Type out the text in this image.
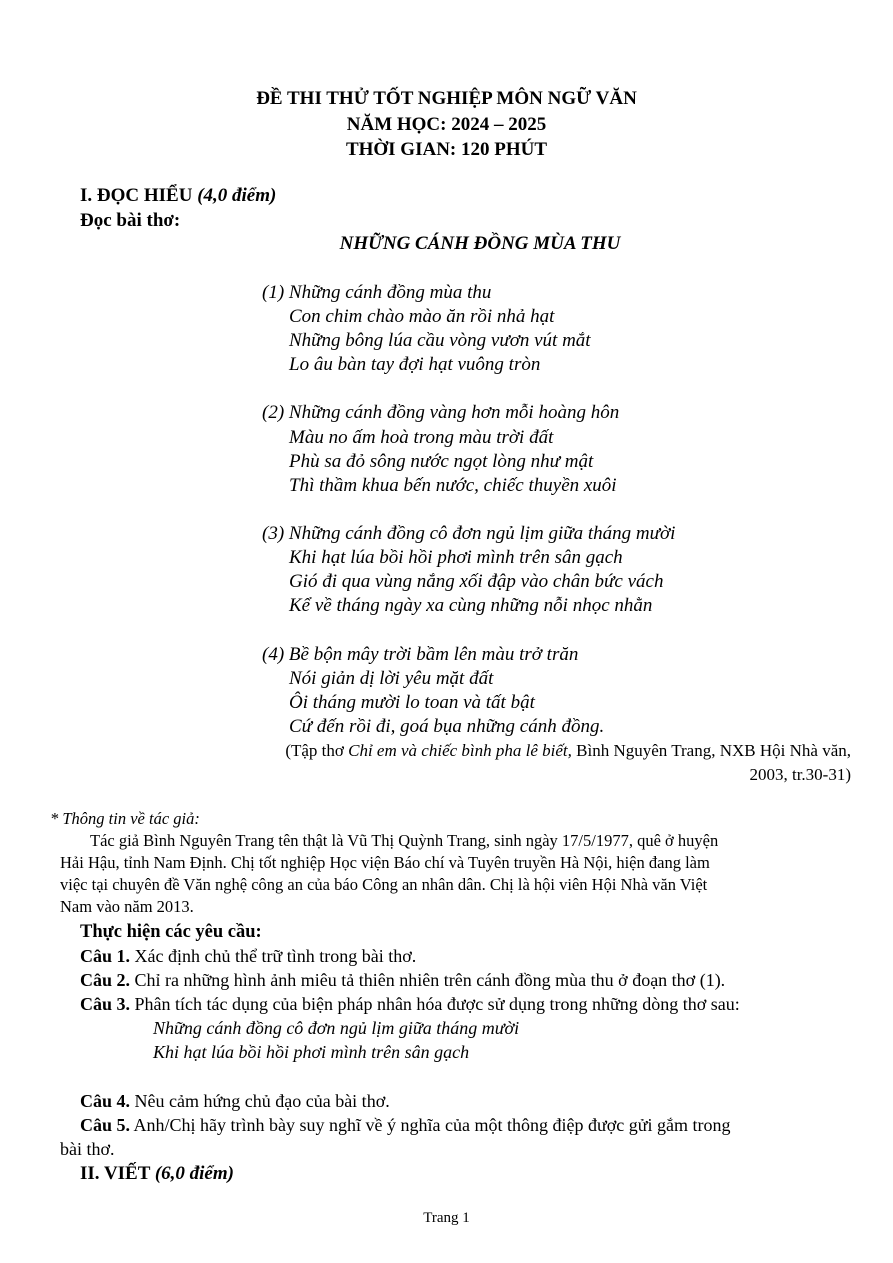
ĐỀ THI THỬ TỐT NGHIỆP MÔN NGỮ VĂN
NĂM HỌC: 2024 – 2025
THỜI GIAN: 120 PHÚT
I. ĐỌC HIỂU (4,0 điểm)
Đọc bài thơ:
NHỮNG CÁNH ĐỒNG MÙA THU
(1) Những cánh đồng mùa thu
Con chim chào mào ăn rồi nhả hạt
Những bông lúa cầu vòng vươn vút mắt
Lo âu bàn tay đợi hạt vuông tròn
(2) Những cánh đồng vàng hơn mỗi hoàng hôn
Màu no ấm hoà trong màu trời đất
Phù sa đỏ sông nước ngọt lòng như mật
Thì thầm khua bến nước, chiếc thuyền xuôi
(3) Những cánh đồng cô đơn ngủ lịm giữa tháng mười
Khi hạt lúa bồi hồi phơi mình trên sân gạch
Gió đi qua vùng nắng xối đập vào chân bức vách
Kể về tháng ngày xa cùng những nỗi nhọc nhằn
(4) Bề bộn mây trời bầm lên màu trở trăn
Nói giản dị lời yêu mặt đất
Ôi tháng mười lo toan và tất bật
Cứ đến rồi đi, goá bụa những cánh đồng.
(Tập thơ Chỉ em và chiếc bình pha lê biết, Bình Nguyên Trang, NXB Hội Nhà văn,
2003, tr.30-31)
* Thông tin về tác giả:
Tác giả Bình Nguyên Trang tên thật là Vũ Thị Quỳnh Trang, sinh ngày 17/5/1977, quê ở huyện
Hải Hậu, tỉnh Nam Định. Chị tốt nghiệp Học viện Báo chí và Tuyên truyền Hà Nội, hiện đang làm
việc tại chuyên đề Văn nghệ công an của báo Công an nhân dân. Chị là hội viên Hội Nhà văn Việt
Nam vào năm 2013.
Thực hiện các yêu cầu:
Câu 1. Xác định chủ thể trữ tình trong bài thơ.
Câu 2. Chỉ ra những hình ảnh miêu tả thiên nhiên trên cánh đồng mùa thu ở đoạn thơ (1).
Câu 3. Phân tích tác dụng của biện pháp nhân hóa được sử dụng trong những dòng thơ sau:
Những cánh đồng cô đơn ngủ lịm giữa tháng mười
Khi hạt lúa bồi hồi phơi mình trên sân gạch
Câu 4. Nêu cảm hứng chủ đạo của bài thơ.
Câu 5. Anh/Chị hãy trình bày suy nghĩ về ý nghĩa của một thông điệp được gửi gắm trong
bài thơ.
II. VIẾT (6,0 điểm)
Trang 1
